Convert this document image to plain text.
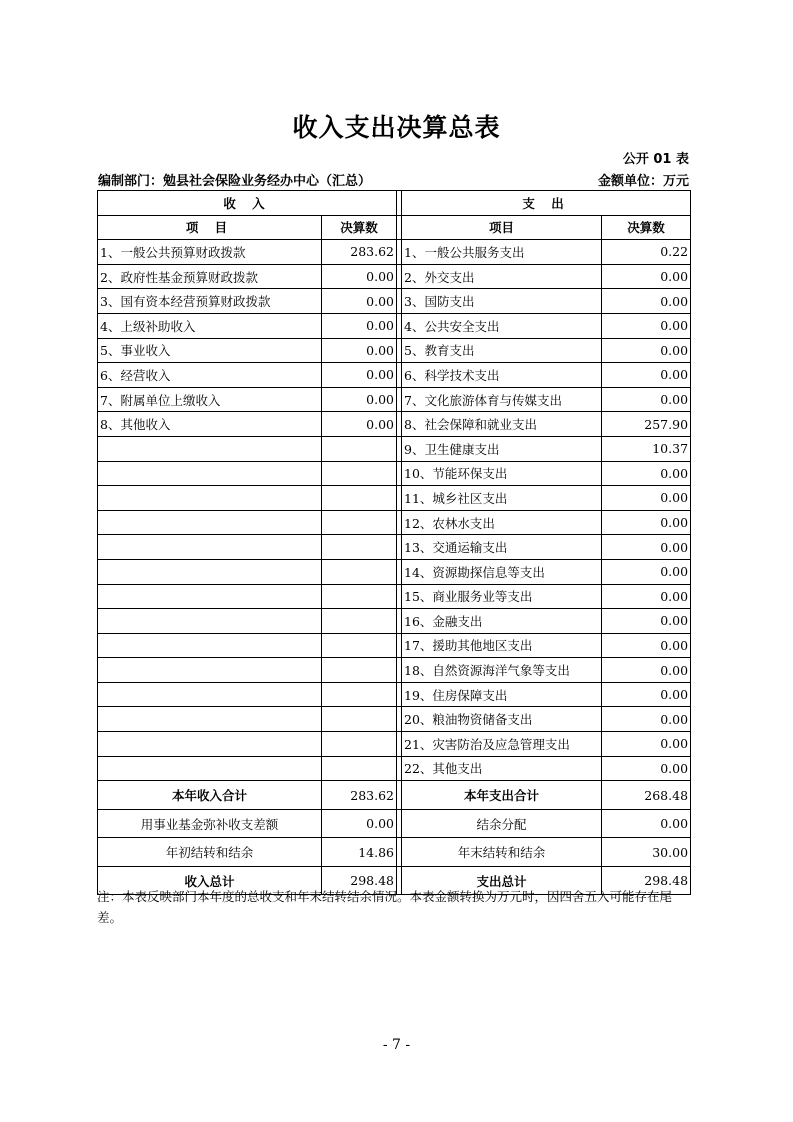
收入支出决算总表
公开 01 表
编制部门：勉县社会保险业务经办中心（汇总）	金额单位：万元
收 入			支 出	
项 目	决算数		项目	决算数
1、一般公共预算财政拨款	283.62		1、一般公共服务支出	0.22
2、政府性基金预算财政拨款	0.00		2、外交支出	0.00
3、国有资本经营预算财政拨款	0.00		3、国防支出	0.00
4、上级补助收入	0.00		4、公共安全支出	0.00
5、事业收入	0.00		5、教育支出	0.00
6、经营收入	0.00		6、科学技术支出	0.00
7、附属单位上缴收入	0.00		7、文化旅游体育与传媒支出	0.00
8、其他收入	0.00		8、社会保障和就业支出	257.90
			9、卫生健康支出	10.37
			10、节能环保支出	0.00
			11、城乡社区支出	0.00
			12、农林水支出	0.00
			13、交通运输支出	0.00
			14、资源勘探信息等支出	0.00
			15、商业服务业等支出	0.00
			16、金融支出	0.00
			17、援助其他地区支出	0.00
			18、自然资源海洋气象等支出	0.00
			19、住房保障支出	0.00
			20、粮油物资储备支出	0.00
			21、灾害防治及应急管理支出	0.00
			22、其他支出	0.00
本年收入合计	283.62		本年支出合计	268.48
用事业基金弥补收支差额	0.00		结余分配	0.00
年初结转和结余	14.86		年末结转和结余	30.00
收入总计	298.48		支出总计	298.48
注：本表反映部门本年度的总收支和年末结转结余情况。本表金额转换为万元时，因四舍五入可能存在尾差。
- 7 -
